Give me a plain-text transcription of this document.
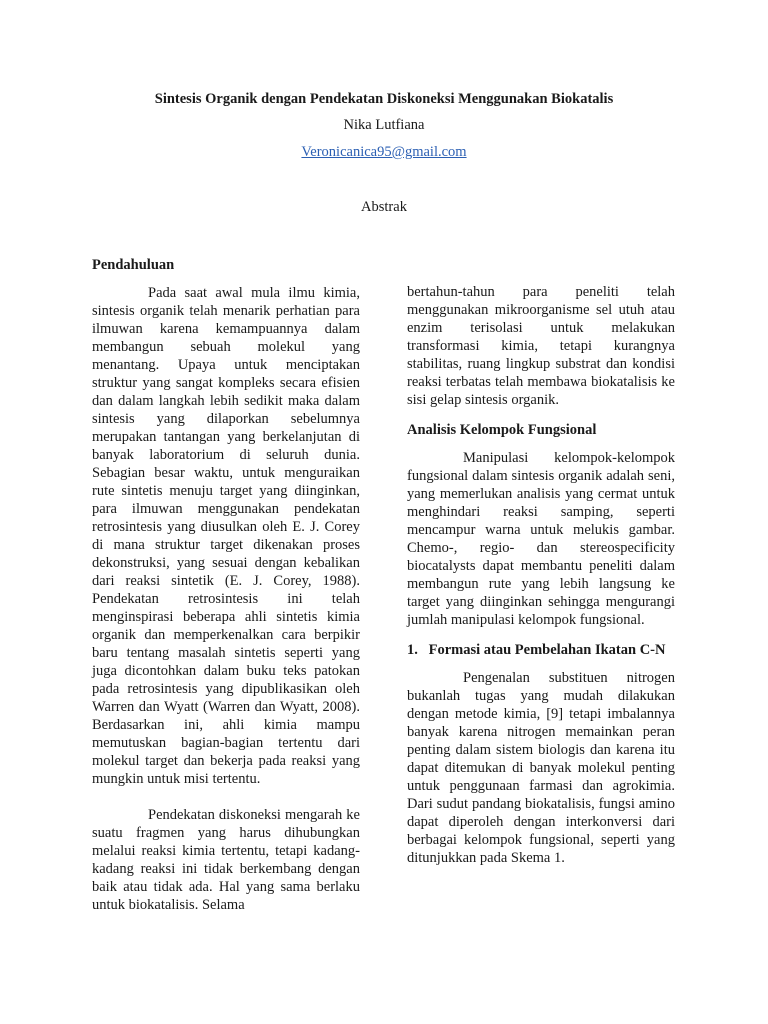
Sintesis Organik dengan Pendekatan Diskoneksi Menggunakan Biokatalis
Nika Lutfiana
Veronicanica95@gmail.com
Abstrak
Pendahuluan

Pada saat awal mula ilmu kimia, sintesis organik telah menarik perhatian para ilmuwan karena kemampuannya dalam membangun sebuah molekul yang menantang. Upaya untuk menciptakan struktur yang sangat kompleks secara efisien dan dalam langkah lebih sedikit maka dalam sintesis yang dilaporkan sebelumnya merupakan tantangan yang berkelanjutan di banyak laboratorium di seluruh dunia. Sebagian besar waktu, untuk menguraikan rute sintetis menuju target yang diinginkan, para ilmuwan menggunakan pendekatan retrosintesis yang diusulkan oleh E. J. Corey di mana struktur target dikenakan proses dekonstruksi, yang sesuai dengan kebalikan dari reaksi sintetik (E. J. Corey, 1988). Pendekatan retrosintesis ini telah menginspirasi beberapa ahli sintetis kimia organik dan memperkenalkan cara berpikir baru tentang masalah sintetis seperti yang juga dicontohkan dalam buku teks patokan pada retrosintesis yang dipublikasikan oleh Warren dan Wyatt (Warren dan Wyatt, 2008). Berdasarkan ini, ahli kimia mampu memutuskan bagian-bagian tertentu dari molekul target dan bekerja pada reaksi yang mungkin untuk misi tertentu.

Pendekatan diskoneksi mengarah ke suatu fragmen yang harus dihubungkan melalui reaksi kimia tertentu, tetapi kadang-kadang reaksi ini tidak berkembang dengan baik atau tidak ada. Hal yang sama berlaku untuk biokatalisis. Selama

bertahun-tahun para peneliti telah menggunakan mikroorganisme sel utuh atau enzim terisolasi untuk melakukan transformasi kimia, tetapi kurangnya stabilitas, ruang lingkup substrat dan kondisi reaksi terbatas telah membawa biokatalisis ke sisi gelap sintesis organik.

Analisis Kelompok Fungsional

Manipulasi kelompok-kelompok fungsional dalam sintesis organik adalah seni, yang memerlukan analisis yang cermat untuk menghindari reaksi samping, seperti mencampur warna untuk melukis gambar. Chemo-, regio- dan stereospecificity biocatalysts dapat membantu peneliti dalam membangun rute yang lebih langsung ke target yang diinginkan sehingga mengurangi jumlah manipulasi kelompok fungsional.

1. Formasi atau Pembelahan Ikatan C-N

Pengenalan substituen nitrogen bukanlah tugas yang mudah dilakukan dengan metode kimia, [9] tetapi imbalannya banyak karena nitrogen memainkan peran penting dalam sistem biologis dan karena itu dapat ditemukan di banyak molekul penting untuk penggunaan farmasi dan agrokimia. Dari sudut pandang biokatalisis, fungsi amino dapat diperoleh dengan interkonversi dari berbagai kelompok fungsional, seperti yang ditunjukkan pada Skema 1.
